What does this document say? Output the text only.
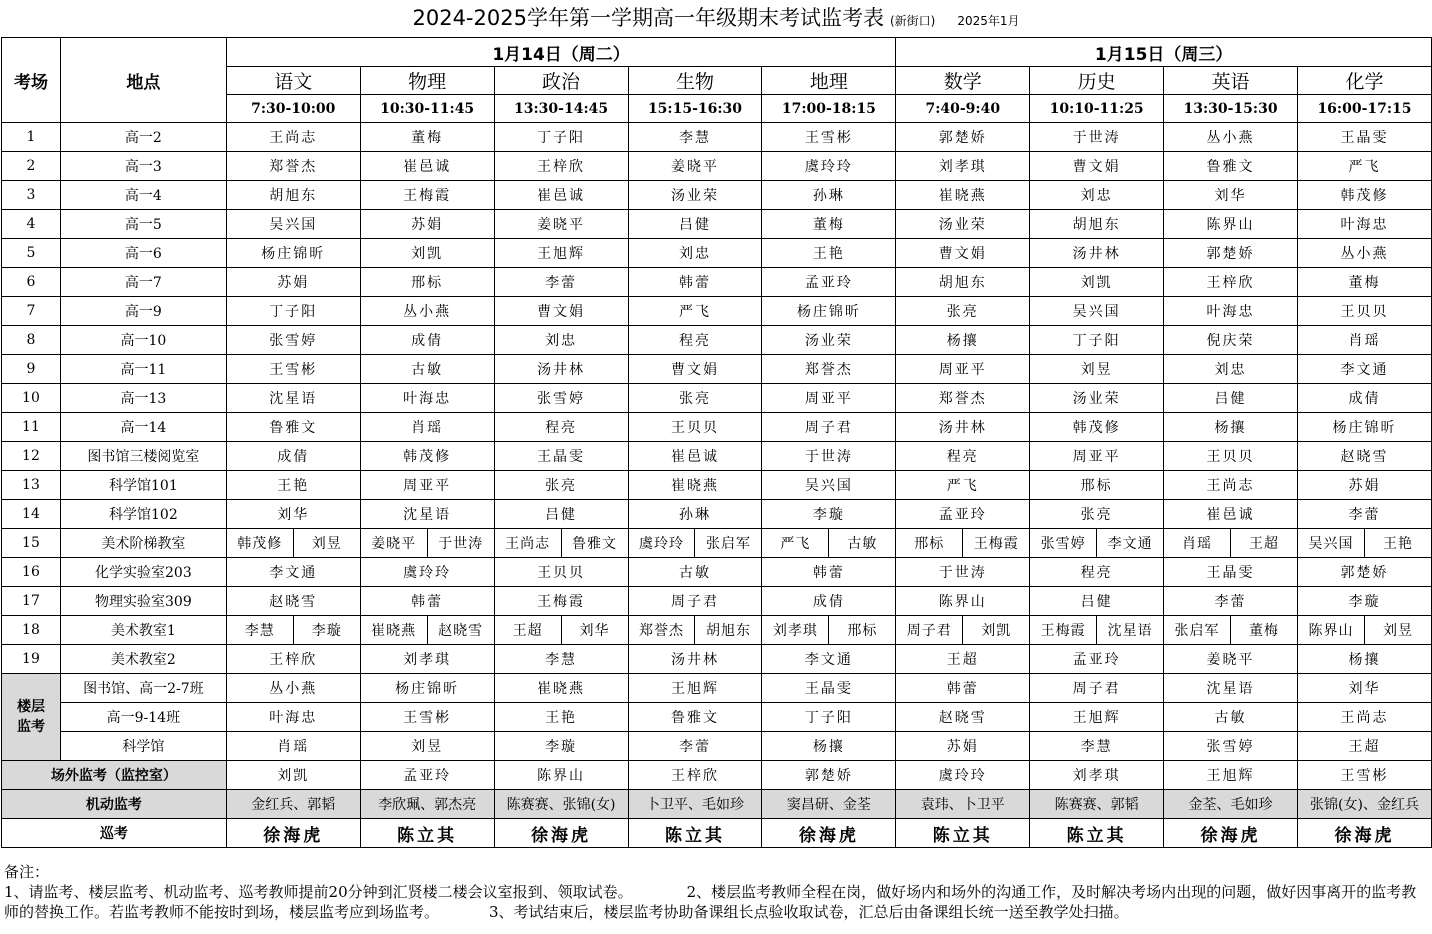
2024-2025学年第一学期高一年级期末考试监考表 (新街口) 2025年1月
考场	地点	1月14日（周二）										1月15日（周三）							
		语文		物理		政治		生物		地理		数学		历史		英语		化学	
		7:30-10:00		10:30-11:45		13:30-14:45		15:15-16:30		17:00-18:15		7:40-9:40		10:10-11:25		13:30-15:30		16:00-17:15	
1	高一2	王尚志		董梅		丁子阳		李慧		王雪彬		郭楚娇		于世涛		丛小燕		王晶雯	
2	高一3	郑誉杰		崔邑诚		王梓欣		姜晓平		虞玲玲		刘孝琪		曹文娟		鲁雅文		严飞	
3	高一4	胡旭东		王梅霞		崔邑诚		汤业荣		孙琳		崔晓燕		刘忠		刘华		韩茂修	
4	高一5	吴兴国		苏娟		姜晓平		吕健		董梅		汤业荣		胡旭东		陈界山		叶海忠	
5	高一6	杨庄锦昕		刘凯		王旭辉		刘忠		王艳		曹文娟		汤井林		郭楚娇		丛小燕	
6	高一7	苏娟		邢标		李蕾		韩蕾		孟亚玲		胡旭东		刘凯		王梓欣		董梅	
7	高一9	丁子阳		丛小燕		曹文娟		严飞		杨庄锦昕		张亮		吴兴国		叶海忠		王贝贝	
8	高一10	张雪婷		成倩		刘忠		程亮		汤业荣		杨攘		丁子阳		倪庆荣		肖瑶	
9	高一11	王雪彬		古敏		汤井林		曹文娟		郑誉杰		周亚平		刘昱		刘忠		李文通	
10	高一13	沈星语		叶海忠		张雪婷		张亮		周亚平		郑誉杰		汤业荣		吕健		成倩	
11	高一14	鲁雅文		肖瑶		程亮		王贝贝		周子君		汤井林		韩茂修		杨攘		杨庄锦昕	
12	图书馆三楼阅览室	成倩		韩茂修		王晶雯		崔邑诚		于世涛		程亮		周亚平		王贝贝		赵晓雪	
13	科学馆101	王艳		周亚平		张亮		崔晓燕		吴兴国		严飞		邢标		王尚志		苏娟	
14	科学馆102	刘华		沈星语		吕健		孙琳		李璇		孟亚玲		张亮		崔邑诚		李蕾	
15	美术阶梯教室	韩茂修	刘昱	姜晓平	于世涛	王尚志	鲁雅文	虞玲玲	张启军	严飞	古敏	邢标	王梅霞	张雪婷	李文通	肖瑶	王超	吴兴国	王艳
16	化学实验室203	李文通		虞玲玲		王贝贝		古敏		韩蕾		于世涛		程亮		王晶雯		郭楚娇	
17	物理实验室309	赵晓雪		韩蕾		王梅霞		周子君		成倩		陈界山		吕健		李蕾		李璇	
18	美术教室1	李慧	李璇	崔晓燕	赵晓雪	王超	刘华	郑誉杰	胡旭东	刘孝琪	邢标	周子君	刘凯	王梅霞	沈星语	张启军	董梅	陈界山	刘昱
19	美术教室2	王梓欣		刘孝琪		李慧		汤井林		李文通		王超		孟亚玲		姜晓平		杨攘	
楼层监考	图书馆、高一2-7班	丛小燕		杨庄锦昕		崔晓燕		王旭辉		王晶雯		韩蕾		周子君		沈星语		刘华	
	高一9-14班	叶海忠		王雪彬		王艳		鲁雅文		丁子阳		赵晓雪		王旭辉		古敏		王尚志	
	科学馆	肖瑶		刘昱		李璇		李蕾		杨攘		苏娟		李慧		张雪婷		王超	
场外监考（监控室）		刘凯		孟亚玲		陈界山		王梓欣		郭楚娇		虞玲玲		刘孝琪		王旭辉		王雪彬	
机动监考		金红兵、郭韬		李欣珮、郭杰亮		陈赛赛、张锦(女)		卜卫平、毛如珍		窦昌研、金荃		袁玮、卜卫平		陈赛赛、郭韬		金荃、毛如珍		张锦(女)、金红兵	
巡考		徐海虎		陈立其		徐海虎		陈立其		徐海虎		陈立其		陈立其		徐海虎		徐海虎	
备注：
1、请监考、楼层监考、机动监考、巡考教师提前20分钟到汇贤楼二楼会议室报到、领取试卷。	2、楼层监考教师全程在岗，做好场内和场外的沟通工作，及时解决考场内出现的问题，做好因事离开的监考教师的替换工作。若监考教师不能按时到场，楼层监考应到场监考。	3、考试结束后，楼层监考协助备课组长点验收取试卷，汇总后由备课组长统一送至教学处扫描。
